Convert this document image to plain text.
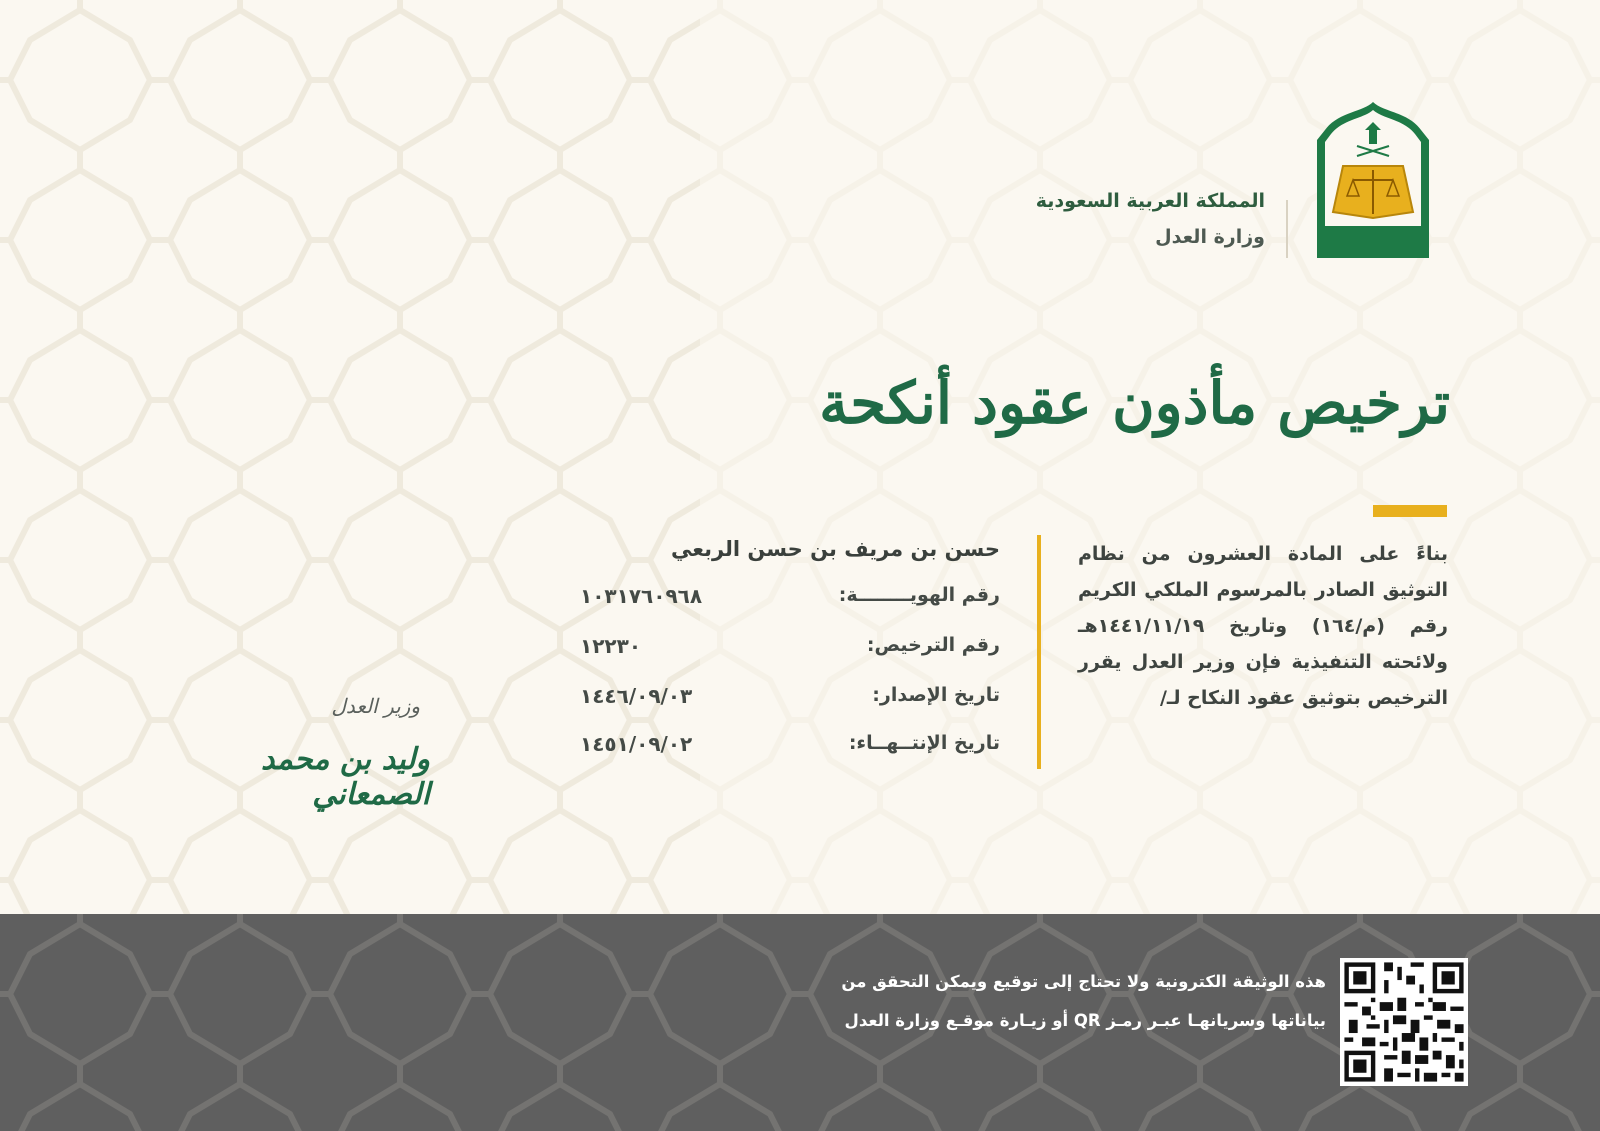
المملكة العربية السعودية
وزارة العدل
ترخيص مأذون عقود أنكحة
بناءً على المادة العشرون من نظام التوثيق الصادر بالمرسوم الملكي الكريم رقم (م/١٦٤) وتاريخ ١٤٤١/١١/١٩هـ ولائحته التنفيذية فإن وزير العدل يقرر الترخيص بتوثيق عقود النكاح لـ/
حسن بن مريف بن حسن الربعي
رقم الهويــــــــة:
١٠٣١٧٦٠٩٦٨
رقم الترخيص:
١٢٢٣٠
تاريخ الإصدار:
١٤٤٦/٠٩/٠٣
تاريخ الإنتــهــاء:
١٤٥١/٠٩/٠٢
وزير العدل
وليد بن محمد الصمعاني
هذه الوثيقة الكترونية ولا تحتاج إلى توقيع ويمكن التحقق من
بياناتها وسريانهـا عبـر رمـز QR أو زيـارة موقـع وزارة العدل
